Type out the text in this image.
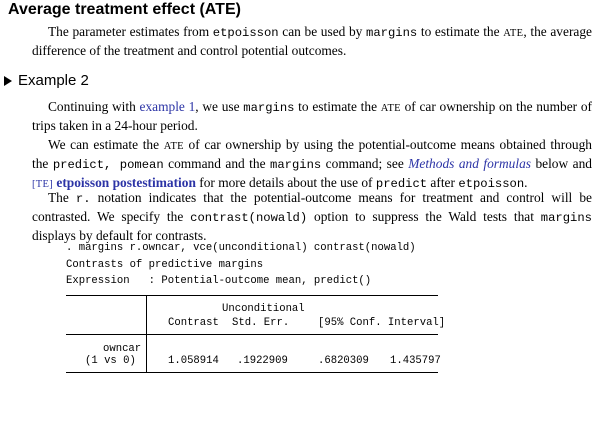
Average treatment effect (ATE)

The parameter estimates from etpoisson can be used by margins to estimate the ATE, the average difference of the treatment and control potential outcomes.

Example 2

Continuing with example 1, we use margins to estimate the ATE of car ownership on the number of trips taken in a 24-hour period.

We can estimate the ATE of car ownership by using the potential-outcome means obtained through the predict, pomean command and the margins command; see Methods and formulas below and [TE] etpoisson postestimation for more details about the use of predict after etpoisson.

The r. notation indicates that the potential-outcome means for treatment and control will be contrasted. We specify the contrast(nowald) option to suppress the Wald tests that margins displays by default for contrasts.

. margins r.owncar, vce(unconditional) contrast(nowald)
Contrasts of predictive margins
Expression   : Potential-outcome mean, predict()
Unconditional
Contrast Std. Err.	[95% Conf. Interval]
owncar
(1 vs 0)	1.058914 .1922909	.6820309 1.435797
